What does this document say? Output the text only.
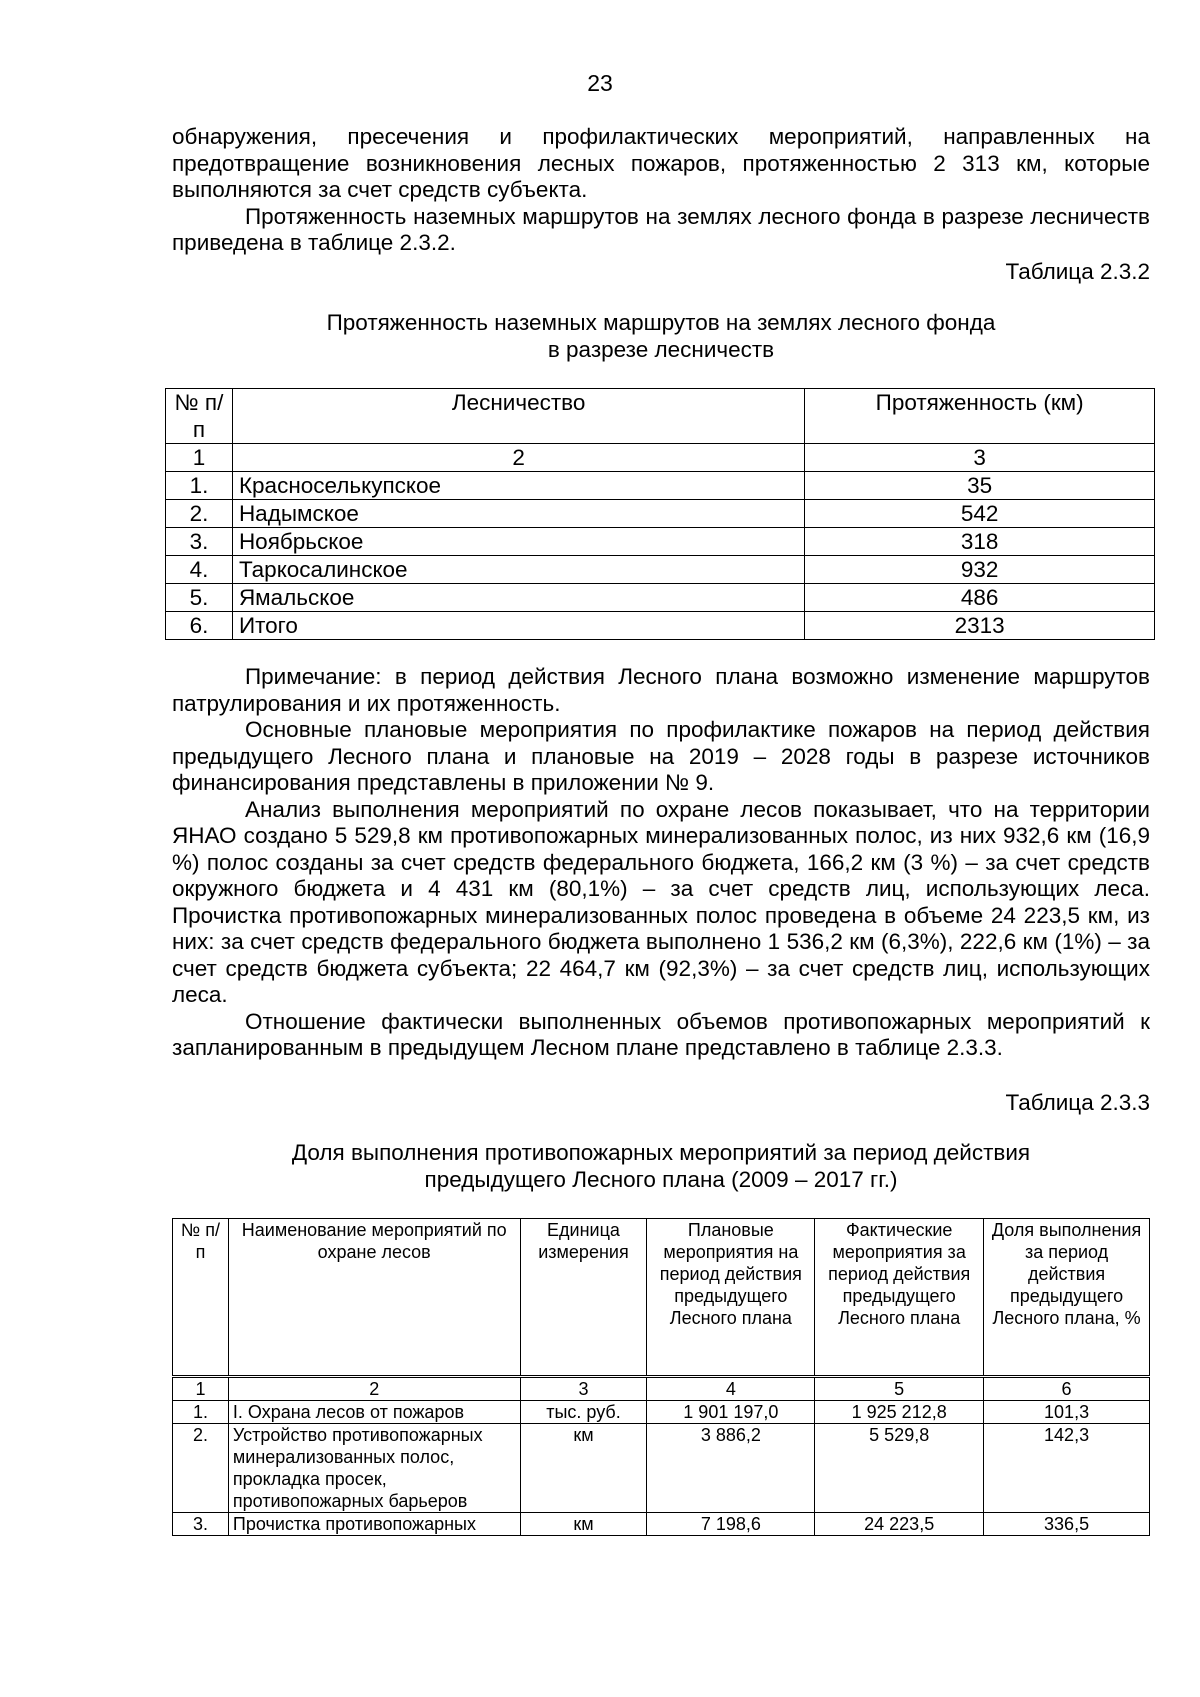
23

обнаружения, пресечения и профилактических мероприятий, направленных на предотвращение возникновения лесных пожаров, протяженностью 2 313 км, которые выполняются за счет средств субъекта.

Протяженность наземных маршрутов на землях лесного фонда в разрезе лесничеств приведена в таблице 2.3.2.

Таблица 2.3.2

Протяженность наземных маршрутов на землях лесного фонда
в разрезе лесничеств
№ п/п	Лесничество	Протяженность (км)
1	2	3
1.	Красноселькупское	35
2.	Надымское	542
3.	Ноябрьское	318
4.	Таркосалинское	932
5.	Ямальское	486
6.	Итого	2313

Примечание: в период действия Лесного плана возможно изменение маршрутов патрулирования и их протяженность.

Основные плановые мероприятия по профилактике пожаров на период действия предыдущего Лесного плана и плановые на 2019 – 2028 годы в разрезе источников финансирования представлены в приложении № 9.

Анализ выполнения мероприятий по охране лесов показывает, что на территории ЯНАО создано 5 529,8 км противопожарных минерализованных полос, из них 932,6 км (16,9 %) полос созданы за счет средств федерального бюджета, 166,2 км (3 %) – за счет средств окружного бюджета и 4 431 км (80,1%) – за счет средств лиц, использующих леса. Прочистка противопожарных минерализованных полос проведена в объеме 24 223,5 км, из них: за счет средств федерального бюджета выполнено 1 536,2 км (6,3%), 222,6 км (1%) – за счет средств бюджета субъекта; 22 464,7 км (92,3%) – за счет средств лиц, использующих леса.

Отношение фактически выполненных объемов противопожарных мероприятий к запланированным в предыдущем Лесном плане представлено в таблице 2.3.3.

Таблица 2.3.3
Доля выполнения противопожарных мероприятий за период действия
предыдущего Лесного плана (2009 – 2017 гг.)
№ п/п	Наименование мероприятий по охране лесов	Единица измерения	Плановые мероприятия на период действия предыдущего Лесного плана	Фактические мероприятия за период действия предыдущего Лесного плана	Доля выполнения за период действия предыдущего Лесного плана, %
1	2	3	4	5	6
1.	I. Охрана лесов от пожаров	тыс. руб.	1 901 197,0	1 925 212,8	101,3
2.	Устройство противопожарных минерализованных полос, прокладка просек, противопожарных барьеров	км	3 886,2	5 529,8	142,3
3.	Прочистка противопожарных	км	7 198,6	24 223,5	336,5
